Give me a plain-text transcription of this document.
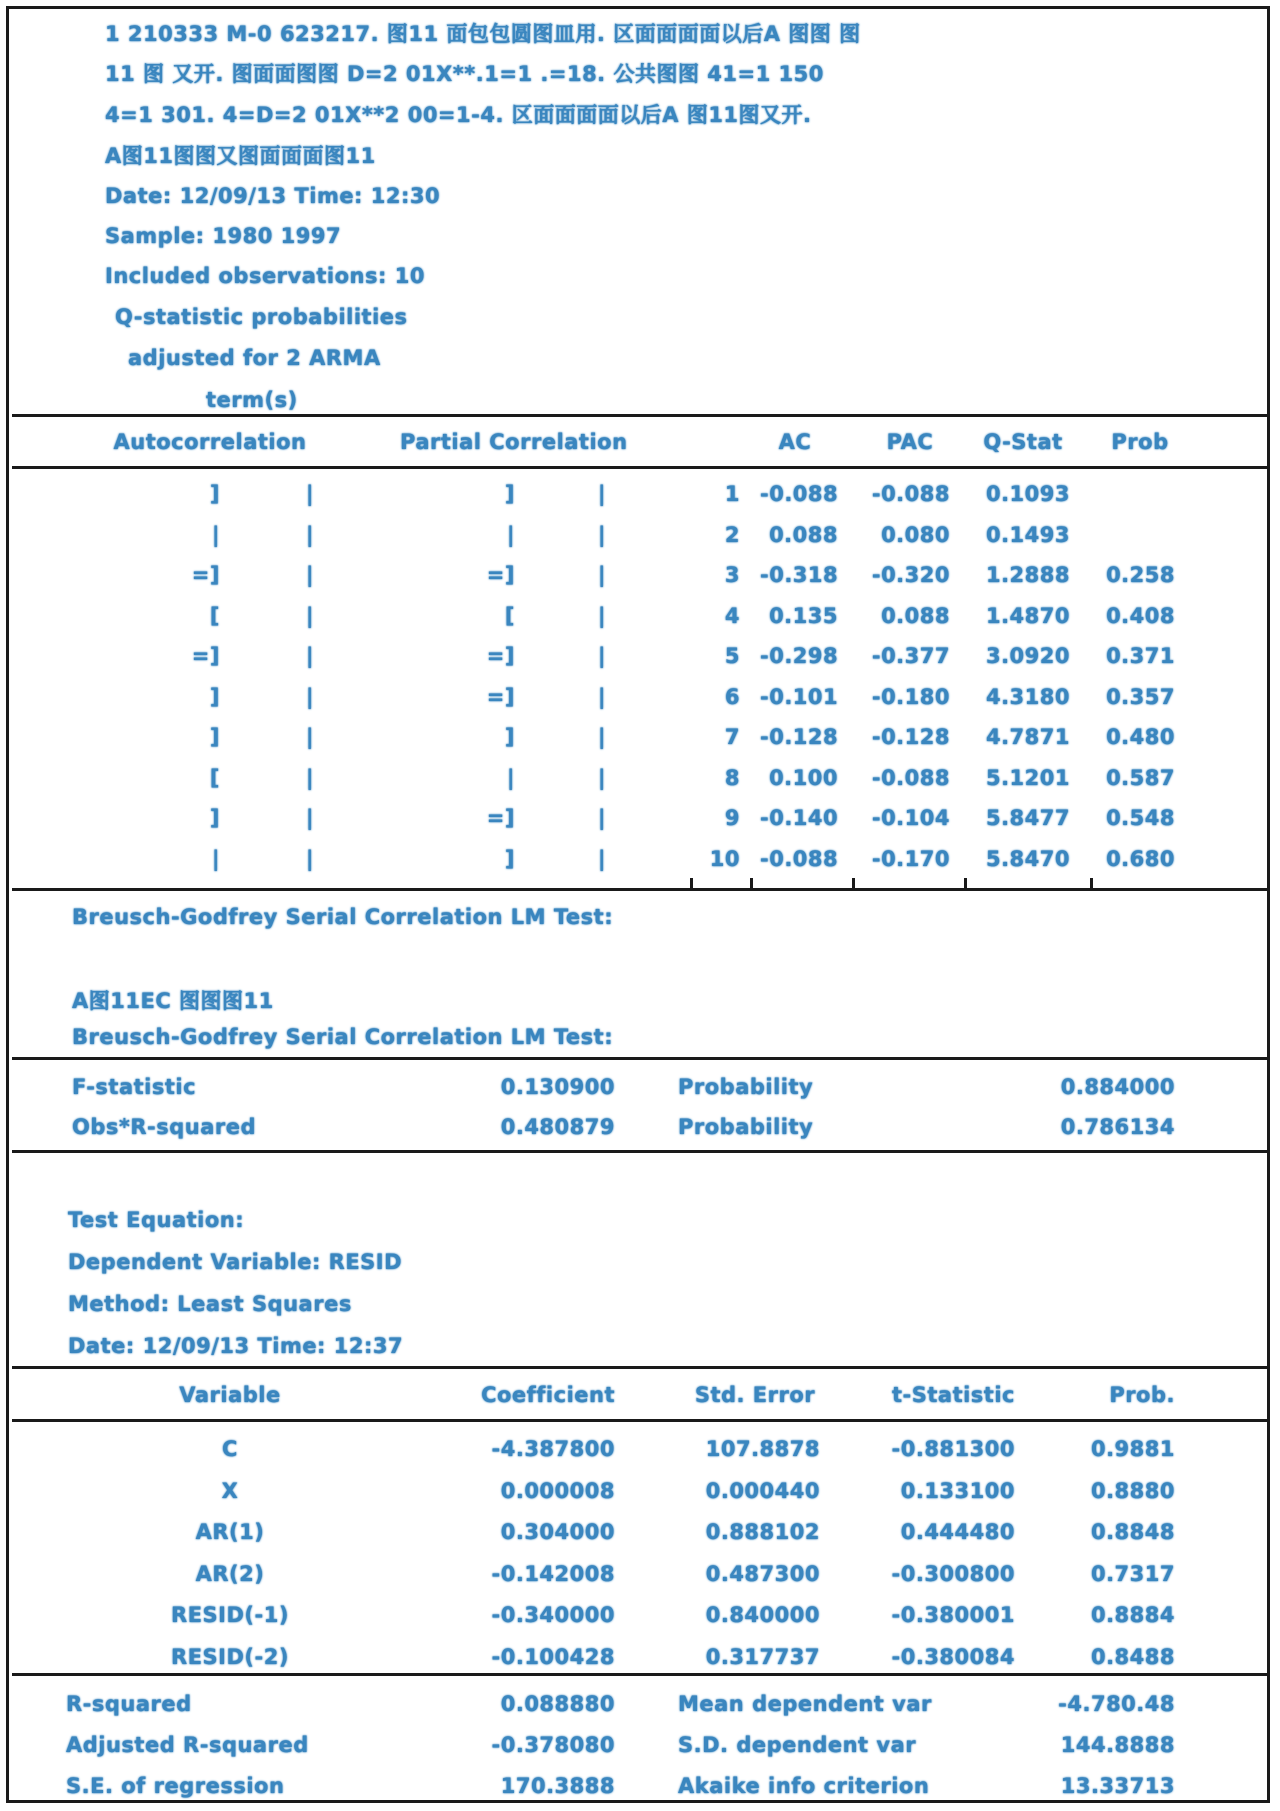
1 210333 M-0 623217. 图11 面包包圆图皿用. 区面面面面以后A 图图 图
11 图 又开. 图面面图图 D=2 01X**.1=1 .=18. 公共图图 41=1 150
4=1 301. 4=D=2 01X**2 00=1-4. 区面面面面以后A 图11图又开.
A图11图图又图面面面图11
Date: 12/09/13 Time: 12:30
Sample: 1980 1997
Included observations: 10
Q-statistic probabilities
adjusted for 2 ARMA
term(s)
Autocorrelation	Partial Correlation	AC	PAC	Q-Stat	Prob
]	|	]	|	1 -0.088 -0.088	0.1093
|	|	|	|	2	0.088	0.080	0.1493
=]	|	=]	|	3 -0.318 -0.320	1.2888	0.258
[	|	[	|	4	0.135	0.088	1.4870	0.408
=]	|	=]	|	5 -0.298 -0.377	3.0920	0.371
]	|	=]	|	6 -0.101 -0.180	4.3180	0.357
]	|	]	|	7 -0.128 -0.128	4.7871	0.480
[	|	|	|	8	0.100 -0.088	5.1201	0.587
]	|	=]	|	9 -0.140 -0.104	5.8477	0.548
|	|	]	|	10 -0.088 -0.170	5.8470	0.680
Breusch-Godfrey Serial Correlation LM Test:
A图11EC 图图图11
Breusch-Godfrey Serial Correlation LM Test:
F-statistic	0.130900	Probability	0.884000
Obs*R-squared	0.480879	Probability	0.786134
Test Equation:
Dependent Variable: RESID
Method: Least Squares
Date: 12/09/13 Time: 12:37
Variable	Coefficient	Std. Error	t-Statistic	Prob.
C	-4.387800	107.8878	-0.881300	0.9881
X	0.000008	0.000440	0.133100	0.8880
AR(1)	0.304000	0.888102	0.444480	0.8848
AR(2)	-0.142008	0.487300	-0.300800	0.7317
RESID(-1)	-0.340000	0.840000	-0.380001	0.8884
RESID(-2)	-0.100428	0.317737	-0.380084	0.8488
R-squared	0.088880	Mean dependent var	-4.780.48
Adjusted R-squared	-0.378080	S.D. dependent var	144.8888
S.E. of regression	170.3888	Akaike info criterion	13.33713
